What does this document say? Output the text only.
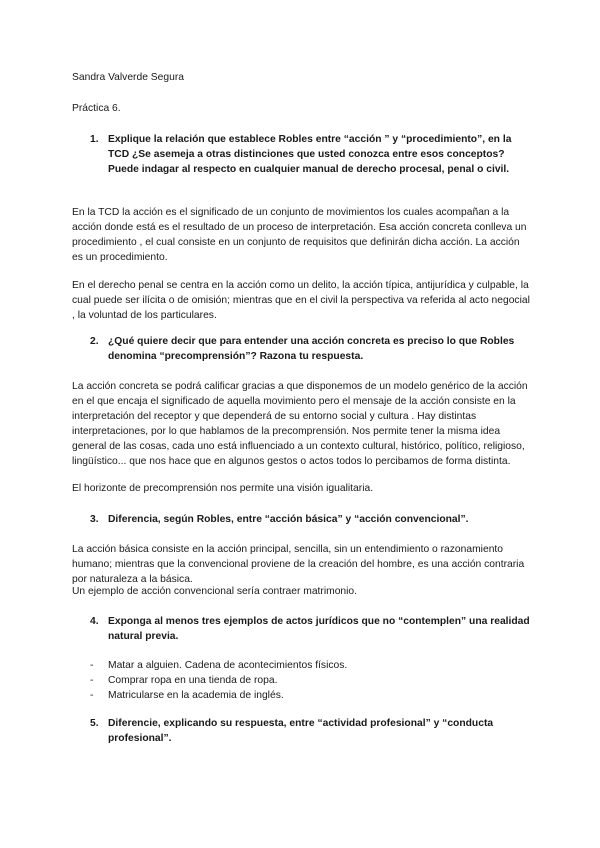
Sandra Valverde Segura

Práctica 6.

1. Explique la relación que establece Robles entre “acción ” y “procedimiento”, en la TCD ¿Se asemeja a otras distinciones que usted conozca entre esos conceptos? Puede indagar al respecto en cualquier manual de derecho procesal, penal o civil.

En la TCD la acción es el significado de un conjunto de movimientos los cuales acompañan a la acción donde está es el resultado de un proceso de interpretación. Esa acción concreta conlleva un procedimiento , el cual consiste en un conjunto de requisitos que definirán dicha acción. La acción es un procedimiento.

En el derecho penal se centra en la acción como un delito, la acción típica, antijurídica y culpable, la cual puede ser ilícita o de omisión; mientras que en el civil la perspectiva va referida al acto negocial , la voluntad de los particulares.

2. ¿Qué quiere decir que para entender una acción concreta es preciso lo que Robles denomina “precomprensión”? Razona tu respuesta.

La acción concreta se podrá calificar gracias a que disponemos de un modelo genérico de la acción en el que encaja el significado de aquella movimiento pero el mensaje de la acción consiste en la interpretación del receptor y que dependerá de su entorno social y cultura . Hay distintas interpretaciones, por lo que hablamos de la precomprensión. Nos permite tener la misma idea general de las cosas, cada uno está influenciado a un contexto cultural, histórico, político, religioso, lingüístico... que nos hace que en algunos gestos o actos todos lo percibamos de forma distinta.

El horizonte de precomprensión nos permite una visión igualitaria.

3. Diferencia, según Robles, entre “acción básica” y “acción convencional”.

La acción básica consiste en la acción principal, sencilla, sin un entendimiento o razonamiento humano; mientras que la convencional proviene de la creación del hombre, es una acción contraria por naturaleza a la básica.

Un ejemplo de acción convencional sería contraer matrimonio.

4. Exponga al menos tres ejemplos de actos jurídicos que no “contemplen” una realidad natural previa.
- Matar a alguien. Cadena de acontecimientos físicos.
- Comprar ropa en una tienda de ropa.
- Matricularse en la academia de inglés.
5. Diferencie, explicando su respuesta, entre “actividad profesional” y “conducta profesional”.
